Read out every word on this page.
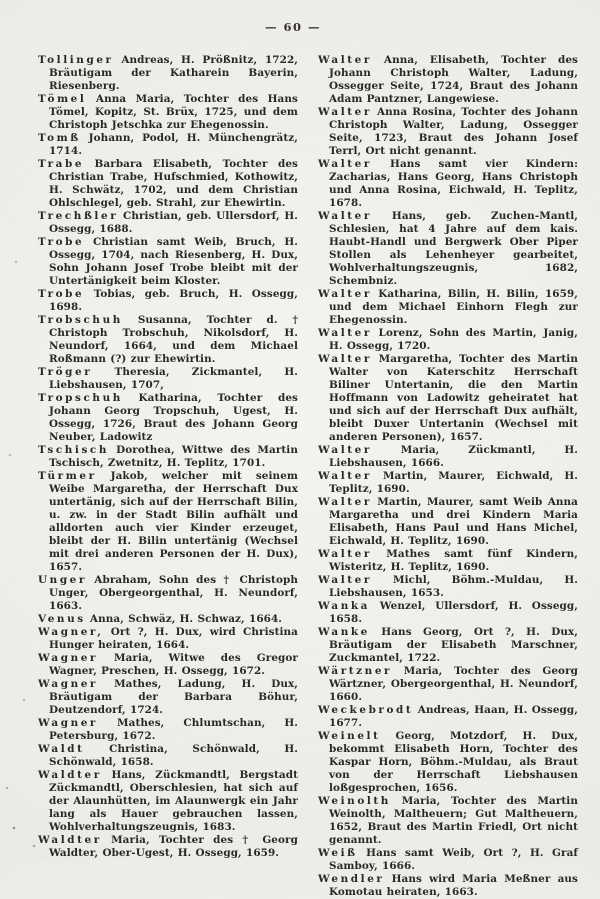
— 60 —

Tollinger Andreas, H. Prößnitz, 1722, Bräutigam der Katharein Bayerin, Riesenberg.

Tömel Anna Maria, Tochter des Hans Tömel, Kopitz, St. Brüx, 1725, und dem Christoph Jetschka zur Ehegenossin.

Tomß Johann, Podol, H. Münchengrätz, 1714.

Trabe Barbara Elisabeth, Tochter des Christian Trabe, Hufschmied, Kothowitz, H. Schwätz, 1702, und dem Christian Ohlschlegel, geb. Strahl, zur Ehewirtin.

Trechßler Christian, geb. Ullersdorf, H. Ossegg, 1688.

Trobe Christian samt Weib, Bruch, H. Ossegg, 1704, nach Riesenberg, H. Dux, Sohn Johann Josef Trobe bleibt mit der Untertänigkeit beim Kloster.

Trobe Tobias, geb. Bruch, H. Ossegg, 1698.

Trobschuh Susanna, Tochter d. † Christoph Trobschuh, Nikolsdorf, H. Neundorf, 1664, und dem Michael Roßmann (?) zur Ehewirtin.

Tröger Theresia, Zickmantel, H. Liebshausen, 1707,

Tropschuh Katharina, Tochter des Johann Georg Tropschuh, Ugest, H. Ossegg, 1726, Braut des Johann Georg Neuber, Ladowitz

Tschisch Dorothea, Wittwe des Martin Tschisch, Zwetnitz, H. Teplitz, 1701.

Türmer Jakob, welcher mit seinem Weibe Margaretha, der Herrschaft Dux untertänig, sich auf der Herrschaft Bilin, u. zw. in der Stadt Bilin aufhält und alldorten auch vier Kinder erzeuget, bleibt der H. Bilin untertänig (Wechsel mit drei anderen Personen der H. Dux), 1657.

Unger Abraham, Sohn des † Christoph Unger, Obergeorgenthal, H. Neundorf, 1663.

Venus Anna, Schwäz, H. Schwaz, 1664.

Wagner, Ort ?, H. Dux, wird Christina Hunger heiraten, 1664.

Wagner Maria, Witwe des Gregor Wagner, Preschen, H. Ossegg, 1672.

Wagner Mathes, Ladung, H. Dux, Bräutigam der Barbara Böhur, Deutzendorf, 1724.

Wagner Mathes, Chlumtschan, H. Petersburg, 1672.

Waldt Christina, Schönwald, H. Schönwald, 1658.

Waldter Hans, Zückmandtl, Bergstadt Zückmandtl, Oberschlesien, hat sich auf der Alaunhütten, im Alaunwergk ein Jahr lang als Hauer gebrauchen lassen, Wohlverhaltungszeugnis, 1683.

Waldter Maria, Tochter des † Georg Waldter, Ober-Ugest, H. Ossegg, 1659.

Walter Anna, Elisabeth, Tochter des Johann Christoph Walter, Ladung, Ossegger Seite, 1724, Braut des Johann Adam Pantzner, Langewiese.

Walter Anna Rosina, Tochter des Johann Christoph Walter, Ladung, Ossegger Seite, 1723, Braut des Johann Josef Terrl, Ort nicht genannt.

Walter Hans samt vier Kindern: Zacharias, Hans Georg, Hans Christoph und Anna Rosina, Eichwald, H. Teplitz, 1678.

Walter Hans, geb. Zuchen-Mantl, Schlesien, hat 4 Jahre auf dem kais. Haubt-Handl und Bergwerk Ober Piper Stollen als Lehenheyer gearbeitet, Wohlverhaltungszeugnis, 1682, Schembniz.

Walter Katharina, Bilin, H. Bilin, 1659, und dem Michael Einhorn Flegh zur Ehegenossin.

Walter Lorenz, Sohn des Martin, Janig, H. Ossegg, 1720.

Walter Margaretha, Tochter des Martin Walter von Katerschitz Herrschaft Biliner Untertanin, die den Martin Hoffmann von Ladowitz geheiratet hat und sich auf der Herrschaft Dux aufhält, bleibt Duxer Untertanin (Wechsel mit anderen Personen), 1657.

Walter	Maria, Zückmantl, H. Liebshausen, 1666.

Walter Martin, Maurer, Eichwald, H. Teplitz, 1690.

Walter Martin, Maurer, samt Weib Anna Margaretha und drei Kindern Maria Elisabeth, Hans Paul und Hans Michel, Eichwald, H. Teplitz, 1690.

Walter Mathes samt fünf Kindern, Wisteritz, H. Teplitz, 1690.

Walter Michl, Böhm.-Muldau, H. Liebshausen, 1653.

Wanka Wenzel, Ullersdorf, H. Ossegg, 1658.

Wanke Hans Georg, Ort ?, H. Dux, Bräutigam der Elisabeth Marschner, Zuckmantel, 1722.

Wärtzner Maria, Tochter des Georg Wärtzner, Obergeorgenthal, H. Neundorf, 1660.

Weckebrodt Andreas, Haan, H. Ossegg, 1677.

Weinelt Georg, Motzdorf, H. Dux, bekommt Elisabeth Horn, Tochter des Kaspar Horn, Böhm.-Muldau, als Braut von der Herrschaft Liebshausen loßgesprochen, 1656.

Weinolth Maria, Tochter des Martin Weinolth, Maltheuern; Gut Maltheuern, 1652, Braut des Martin Friedl, Ort nicht genannt.

Weiß Hans samt Weib, Ort ?, H. Graf Samboy, 1666.

Wendler Hans wird Maria Meßner aus Komotau heiraten, 1663.
